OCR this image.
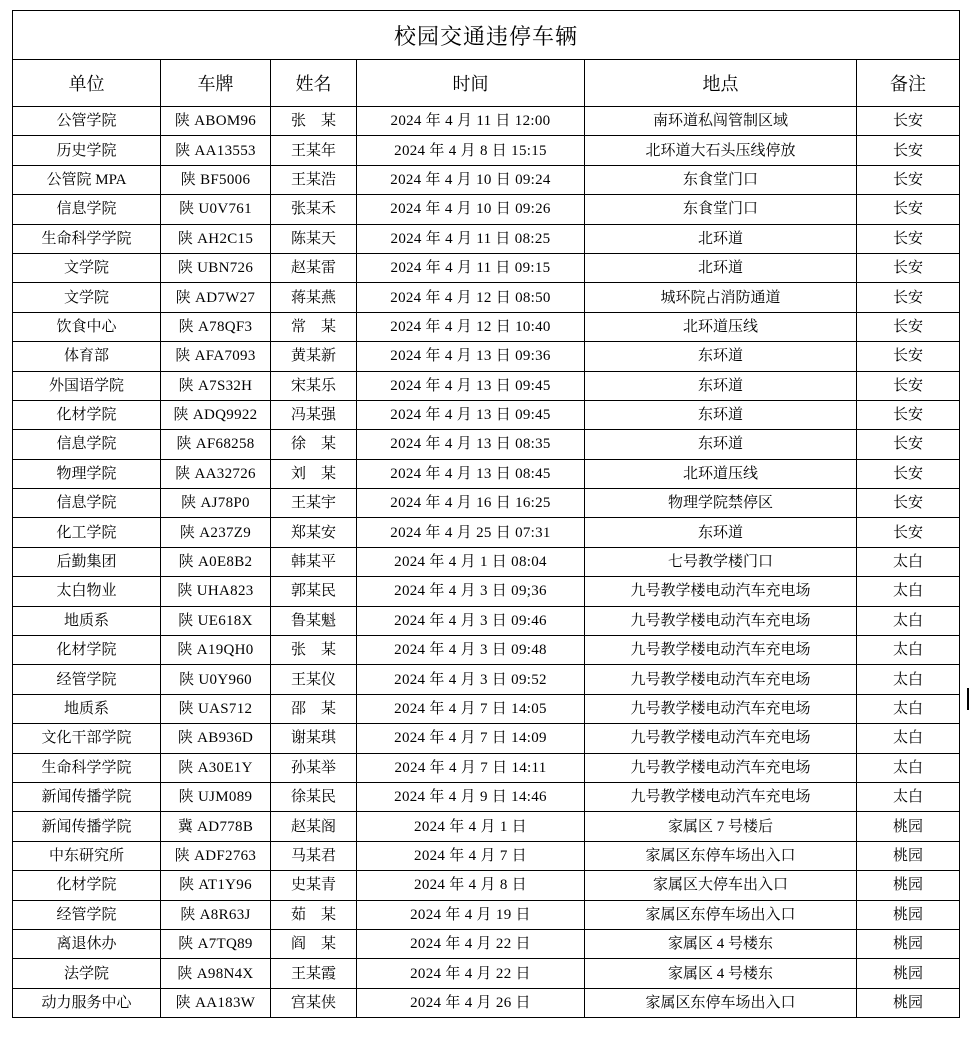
校园交通违停车辆					
单位	车牌	姓名	时间	地点	备注
公管学院	陕 ABOM96	张　某	2024 年 4 月 11 日 12:00	南环道私闯管制区域	长安
历史学院	陕 AA13553	王某年	2024 年 4 月 8 日 15:15	北环道大石头压线停放	长安
公管院 MPA	陕 BF5006	王某浩	2024 年 4 月 10 日 09:24	东食堂门口	长安
信息学院	陕 U0V761	张某禾	2024 年 4 月 10 日 09:26	东食堂门口	长安
生命科学学院	陕 AH2C15	陈某天	2024 年 4 月 11 日 08:25	北环道	长安
文学院	陕 UBN726	赵某雷	2024 年 4 月 11 日 09:15	北环道	长安
文学院	陕 AD7W27	蒋某燕	2024 年 4 月 12 日 08:50	城环院占消防通道	长安
饮食中心	陕 A78QF3	常　某	2024 年 4 月 12 日 10:40	北环道压线	长安
体育部	陕 AFA7093	黄某新	2024 年 4 月 13 日 09:36	东环道	长安
外国语学院	陕 A7S32H	宋某乐	2024 年 4 月 13 日 09:45	东环道	长安
化材学院	陕 ADQ9922	冯某强	2024 年 4 月 13 日 09:45	东环道	长安
信息学院	陕 AF68258	徐　某	2024 年 4 月 13 日 08:35	东环道	长安
物理学院	陕 AA32726	刘　某	2024 年 4 月 13 日 08:45	北环道压线	长安
信息学院	陕 AJ78P0	王某宇	2024 年 4 月 16 日 16:25	物理学院禁停区	长安
化工学院	陕 A237Z9	郑某安	2024 年 4 月 25 日 07:31	东环道	长安
后勤集团	陕 A0E8B2	韩某平	2024 年 4 月 1 日 08:04	七号教学楼门口	太白
太白物业	陕 UHA823	郭某民	2024 年 4 月 3 日 09;36	九号教学楼电动汽车充电场	太白
地质系	陕 UE618X	鲁某魁	2024 年 4 月 3 日 09:46	九号教学楼电动汽车充电场	太白
化材学院	陕 A19QH0	张　某	2024 年 4 月 3 日 09:48	九号教学楼电动汽车充电场	太白
经管学院	陕 U0Y960	王某仪	2024 年 4 月 3 日 09:52	九号教学楼电动汽车充电场	太白
地质系	陕 UAS712	邵　某	2024 年 4 月 7 日 14:05	九号教学楼电动汽车充电场	太白
文化干部学院	陕 AB936D	谢某琪	2024 年 4 月 7 日 14:09	九号教学楼电动汽车充电场	太白
生命科学学院	陕 A30E1Y	孙某举	2024 年 4 月 7 日 14:11	九号教学楼电动汽车充电场	太白
新闻传播学院	陕 UJM089	徐某民	2024 年 4 月 9 日 14:46	九号教学楼电动汽车充电场	太白
新闻传播学院	冀 AD778B	赵某阁	2024 年 4 月 1 日	家属区 7 号楼后	桃园
中东研究所	陕 ADF2763	马某君	2024 年 4 月 7 日	家属区东停车场出入口	桃园
化材学院	陕 AT1Y96	史某青	2024 年 4 月 8 日	家属区大停车出入口	桃园
经管学院	陕 A8R63J	茹　某	2024 年 4 月 19 日	家属区东停车场出入口	桃园
离退休办	陕 A7TQ89	阎　某	2024 年 4 月 22 日	家属区 4 号楼东	桃园
法学院	陕 A98N4X	王某霞	2024 年 4 月 22 日	家属区 4 号楼东	桃园
动力服务中心	陕 AA183W	宫某侠	2024 年 4 月 26 日	家属区东停车场出入口	桃园
